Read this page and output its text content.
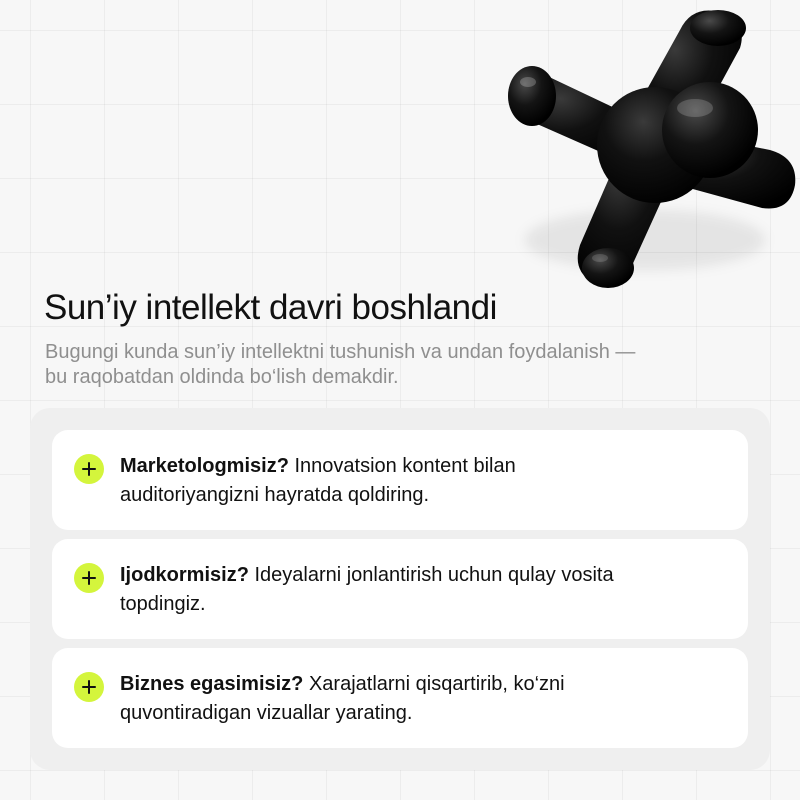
Sun’iy intellekt davri boshlandi

Bugungi kunda sun’iy intellektni tushunish va undan foydalanish — bu raqobatdan oldinda bo‘lish demakdir.

Marketologmisiz? Innovatsion kontent bilan auditoriyangizni hayratda qoldiring.

Ijodkormisiz? Ideyalarni jonlantirish uchun qulay vosita topdingiz.

Biznes egasimisiz? Xarajatlarni qisqartirib, ko‘zni quvontiradigan vizuallar yarating.
